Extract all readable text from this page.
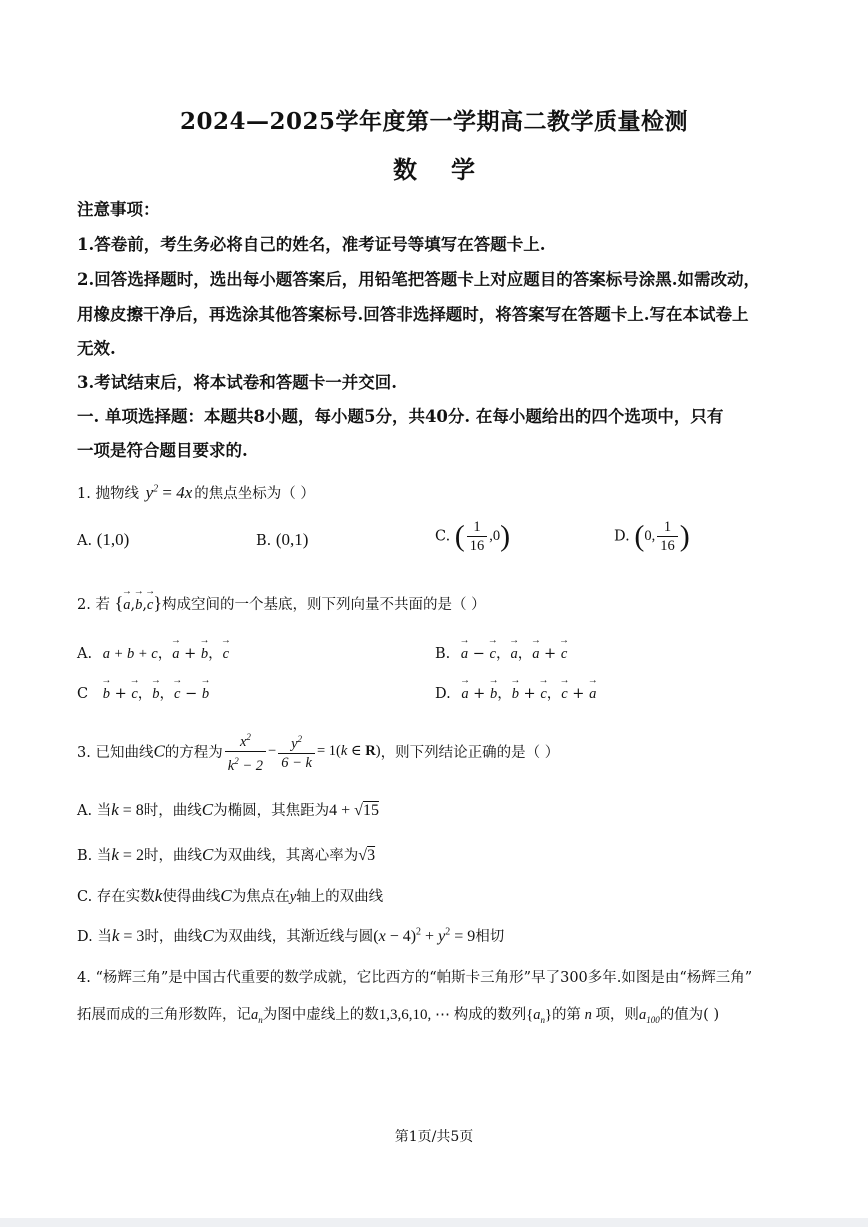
2024—2025学年度第一学期高二教学质量检测
数学
注意事项：
1.答卷前，考生务必将自己的姓名，准考证号等填写在答题卡上.
2.回答选择题时，选出每小题答案后，用铅笔把答题卡上对应题目的答案标号涂黑.如需改动，
用橡皮擦干净后，再选涂其他答案标号.回答非选择题时，将答案写在答题卡上.写在本试卷上
无效.
3.考试结束后，将本试卷和答题卡一并交回.
一. 单项选择题：本题共8小题，每小题5分，共40分. 在每小题给出的四个选项中，只有
一项是符合题目要求的.
1. 抛物线 $y^2 = 4x$ 的焦点坐标为（ ）
A. (1,0)	B. (0,1)	C. ( $\frac{1}{16} ,0$)	D. (0, $\frac{1}{16}$ )
2. 若 {→ a,→ b,→ c}构成空间的一个基底，则下列向量不共面的是（ ）
A. a + b + c，→ a + → b，→ c	B. → a − → c，→ a，→ a + → c
C → b + → c，→ b，→ c − → b	D. → a + → b，→ b + → c，→ c + → a
3. 已知曲线C的方程为 $\frac{x^2}{k^2 - 2} - \frac{y^2}{6 - k} = 1(k$ ∈ R)，则下列结论正确的是（ ）
A. 当k = 8时，曲线C为椭圆，其焦距为4 + √15
B. 当k = 2时，曲线C为双曲线，其离心率为√3
C. 存在实数k使得曲线C为焦点在y轴上的双曲线
D. 当k = 3时，曲线C为双曲线，其渐近线与圆$(x - 4)^2 + y^2 = 9$相切
4. “杨辉三角”是中国古代重要的数学成就，它比西方的“帕斯卡三角形”早了300多年.如图是由“杨辉三角”
拓展而成的三角形数阵，记$a_n$为图中虚线上的数1,3,6,10, ⋯ 构成的数列$\{a_n\}$的第 n 项，则$a_{100}$的值为( )
第1页/共5页
